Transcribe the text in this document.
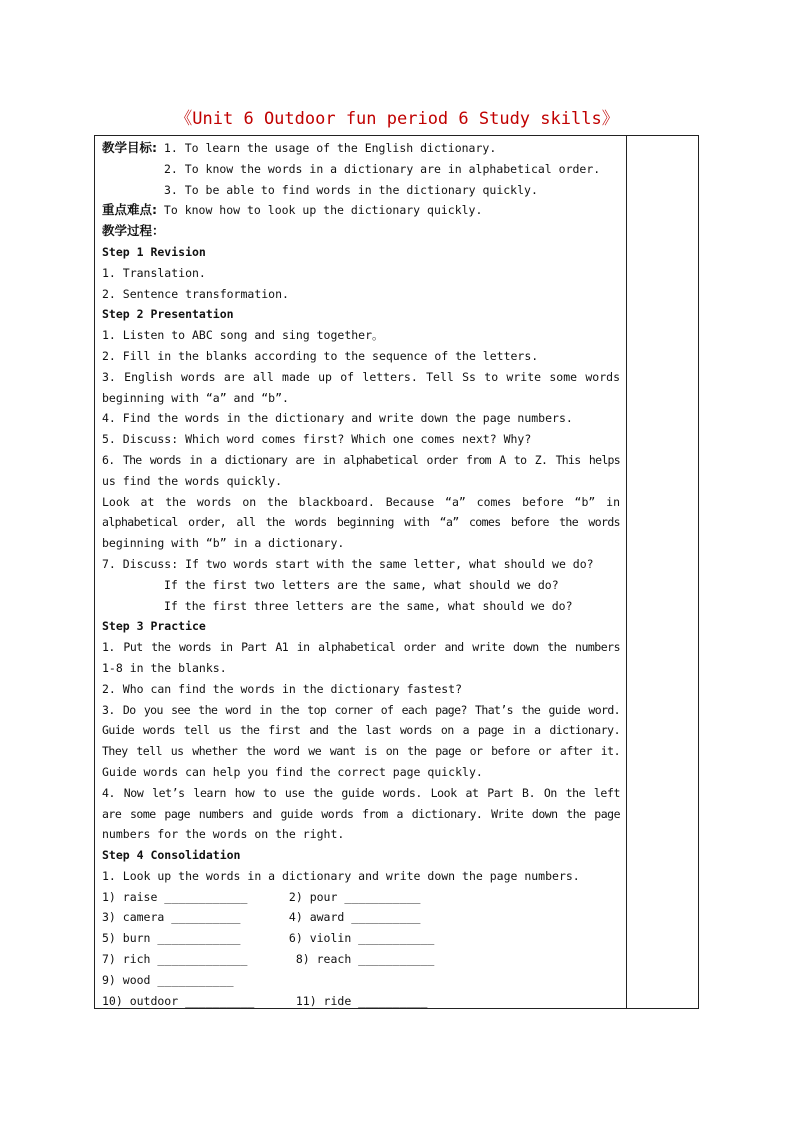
《Unit 6 Outdoor fun period 6 Study skills》
教学目标: 1. To learn the usage of the English dictionary.
2. To know the words in a dictionary are in alphabetical order.
3. To be able to find words in the dictionary quickly.
重点难点: To know how to look up the dictionary quickly.
教学过程：
Step 1 Revision
1. Translation.
2. Sentence transformation.
Step 2 Presentation
1. Listen to ABC song and sing together。
2. Fill in the blanks according to the sequence of the letters.
3. English words are all made up of letters. Tell Ss to write some words
beginning with “a” and “b”.
4. Find the words in the dictionary and write down the page numbers.
5. Discuss: Which word comes first? Which one comes next? Why?
6. The words in a dictionary are in alphabetical order from A to Z. This helps
us find the words quickly.
Look at the words on the blackboard. Because “a” comes before “b” in
alphabetical order, all the words beginning with “a” comes before the words
beginning with “b” in a dictionary.
7. Discuss: If two words start with the same letter, what should we do?
If the first two letters are the same, what should we do?
If the first three letters are the same, what should we do?
Step 3 Practice
1. Put the words in Part A1 in alphabetical order and write down the numbers
1-8 in the blanks.
2. Who can find the words in the dictionary fastest?
3. Do you see the word in the top corner of each page? That’s the guide word.
Guide words tell us the first and the last words on a page in a dictionary.
They tell us whether the word we want is on the page or before or after it.
Guide words can help you find the correct page quickly.
4. Now let’s learn how to use the guide words. Look at Part B. On the left
are some page numbers and guide words from a dictionary. Write down the page
numbers for the words on the right.
Step 4 Consolidation
1. Look up the words in a dictionary and write down the page numbers.
1) raise ____________      2) pour ___________
3) camera __________       4) award __________
5) burn ____________       6) violin ___________
7) rich _____________       8) reach ___________
9) wood ___________
10) outdoor __________      11) ride __________
